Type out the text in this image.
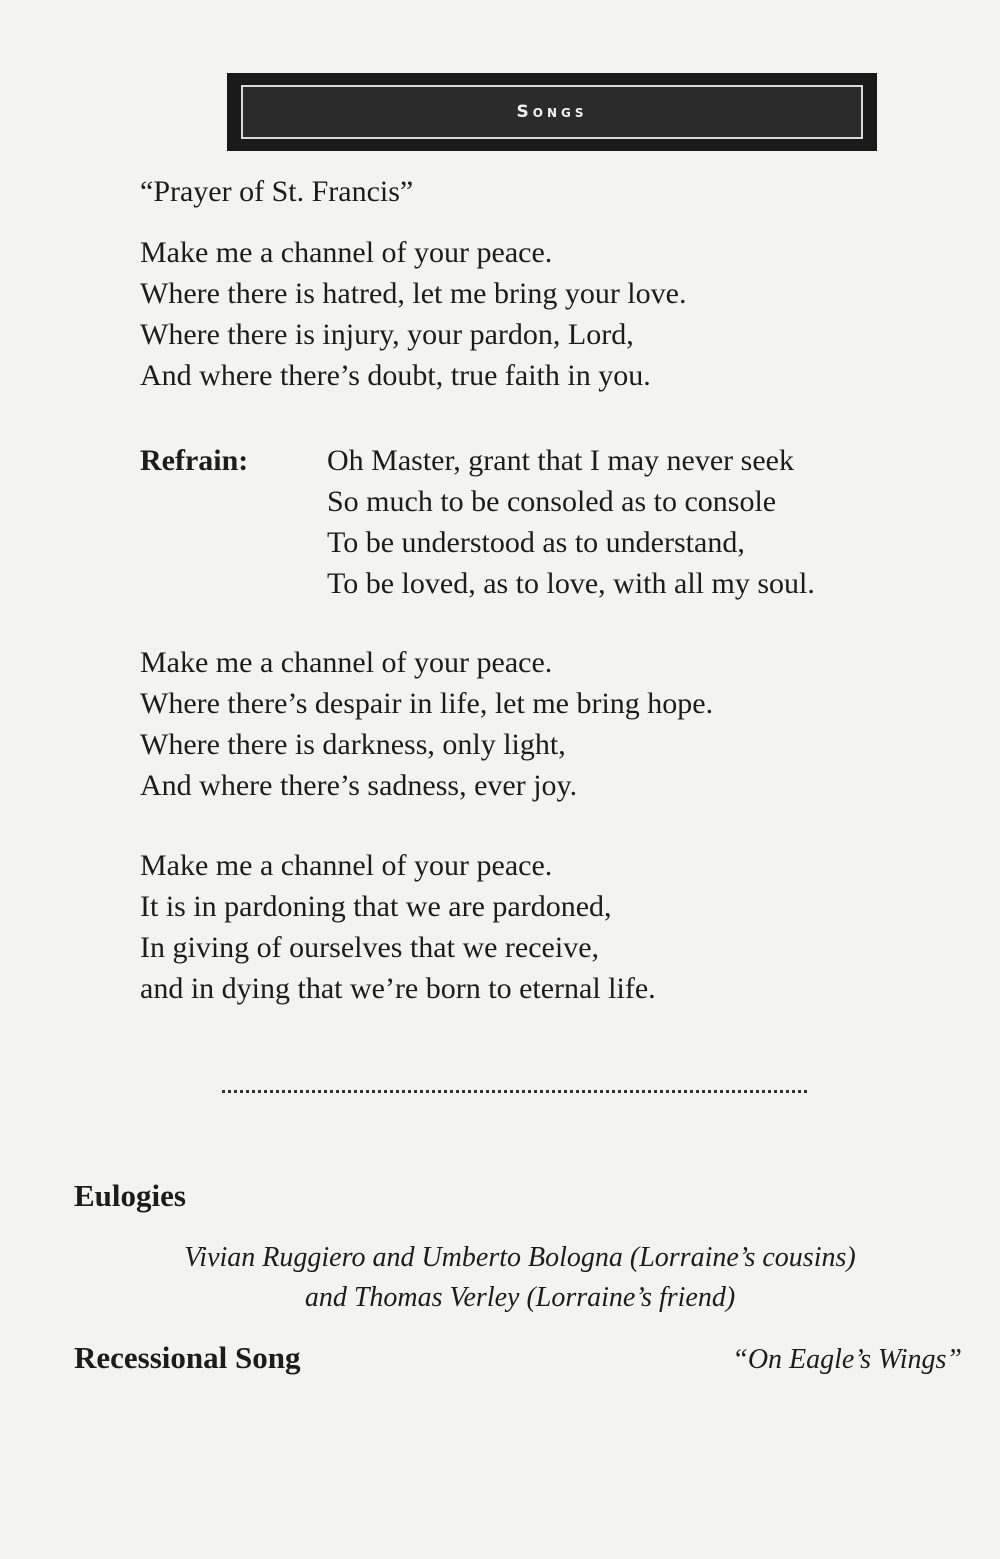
Songs
“Prayer of St. Francis”
Make me a channel of your peace.
Where there is hatred, let me bring your love.
Where there is injury, your pardon, Lord,
And where there’s doubt, true faith in you.
Refrain:	Oh Master, grant that I may never seek
So much to be consoled as to console
To be understood as to understand,
To be loved, as to love, with all my soul.
Make me a channel of your peace.
Where there’s despair in life, let me bring hope.
Where there is darkness, only light,
And where there’s sadness, ever joy.
Make me a channel of your peace.
It is in pardoning that we are pardoned,
In giving of ourselves that we receive,
and in dying that we’re born to eternal life.
Eulogies
Vivian Ruggiero and Umberto Bologna (Lorraine’s cousins)
and Thomas Verley (Lorraine’s friend)
Recessional Song	“On Eagle’s Wings”
